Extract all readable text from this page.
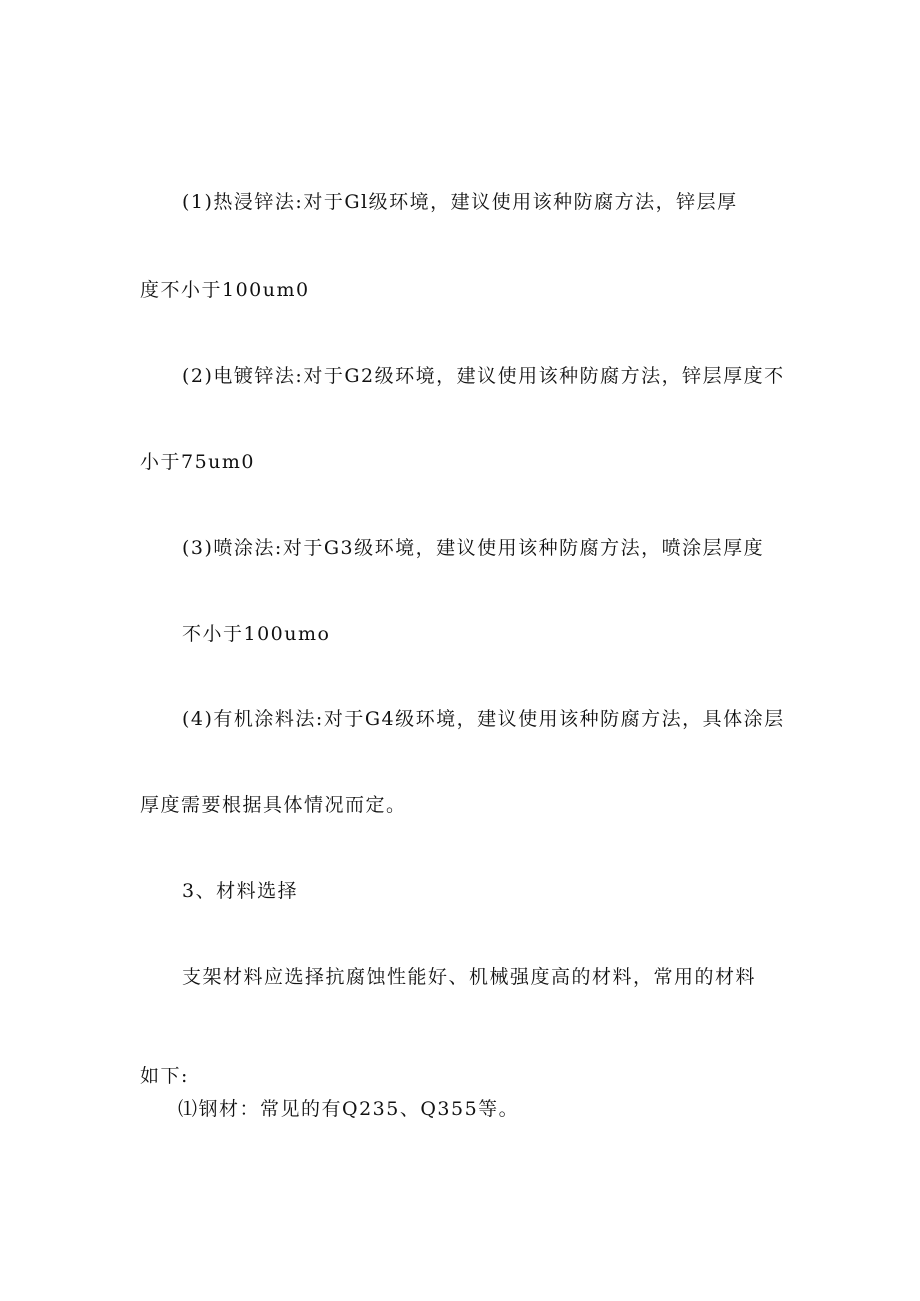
(1)热浸锌法:对于Gl级环境，建议使用该种防腐方法，锌层厚
度不小于100um0
(2)电镀锌法:对于G2级环境，建议使用该种防腐方法，锌层厚度不
小于75um0
(3)喷涂法:对于G3级环境，建议使用该种防腐方法，喷涂层厚度
不小于100umo
(4)有机涂料法:对于G4级环境，建议使用该种防腐方法，具体涂层
厚度需要根据具体情况而定。
3、材料选择
支架材料应选择抗腐蚀性能好、机械强度高的材料，常用的材料
如下:
⑴钢材：常见的有Q235、Q355等。
